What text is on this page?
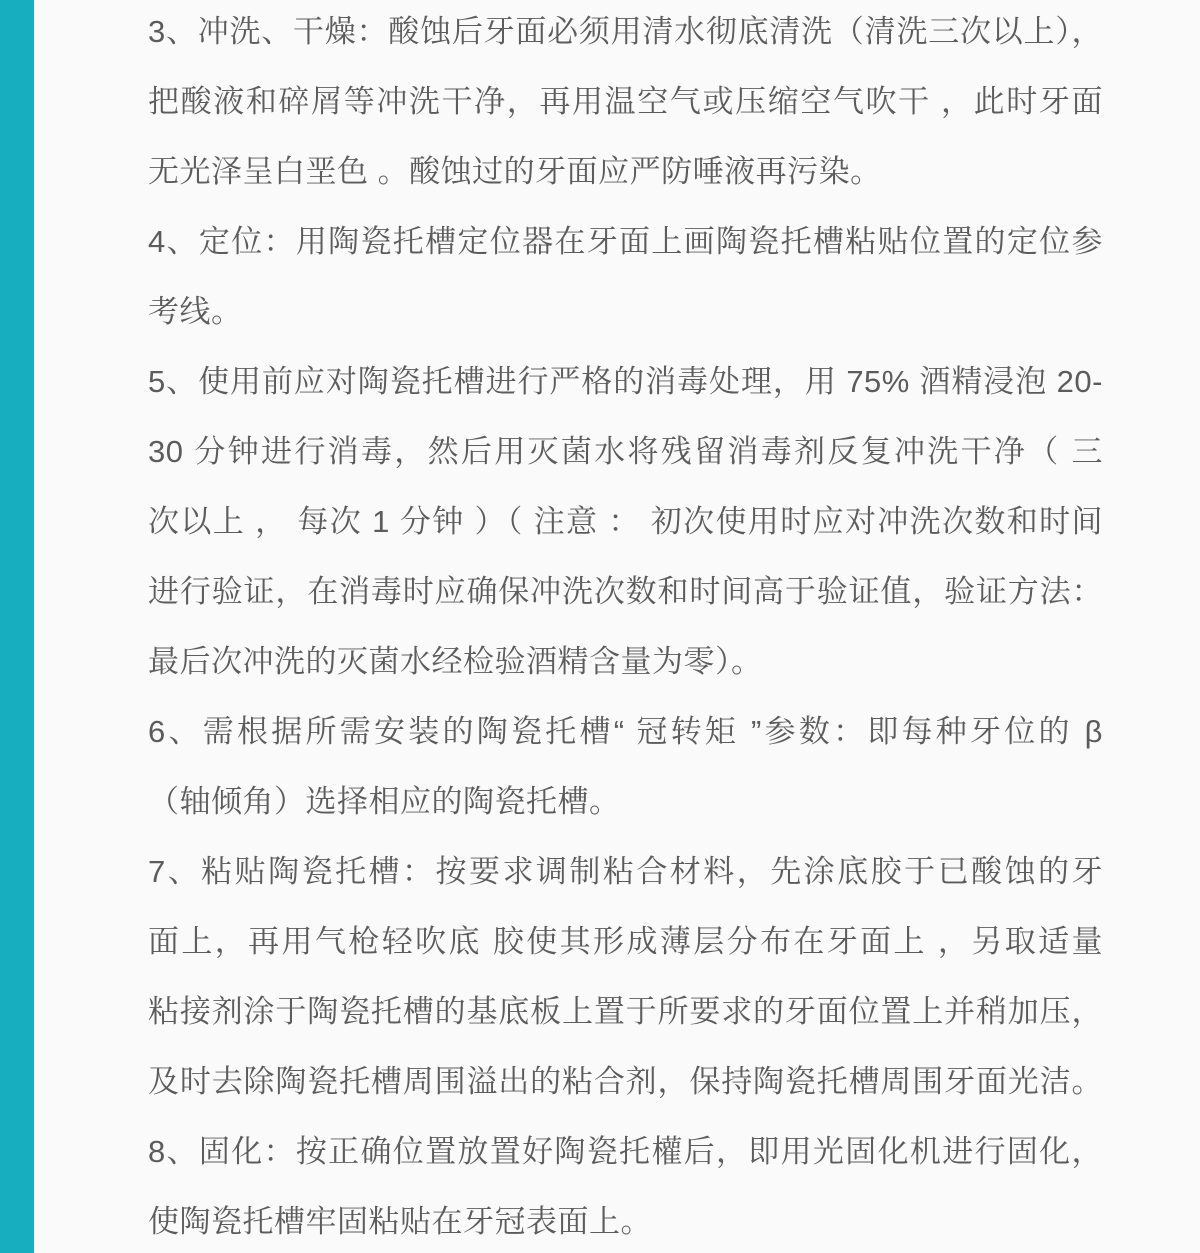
3、冲洗、干燥：酸蚀后牙面必须用清水彻底清洗（清洗三次以上），
把酸液和碎屑等冲洗干净，再用温空气或压缩空气吹干 ，此时牙面
无光泽呈白垩色 。酸蚀过的牙面应严防唾液再污染。
4、定位：用陶瓷托槽定位器在牙面上画陶瓷托槽粘贴位置的定位参
考线。
5、使用前应对陶瓷托槽进行严格的消毒处理，用 75% 酒精浸泡 20-
30 分钟进行消毒，然后用灭菌水将残留消毒剂反复冲洗干净（ 三
次以上 ， 每次 1 分钟 ）（ 注意 ： 初次使用时应对冲洗次数和时间
进行验证，在消毒时应确保冲洗次数和时间高于验证值，验证方法：
最后次冲洗的灭菌水经检验酒精含量为零）。
6、需根据所需安装的陶瓷托槽“ 冠转矩 ”参数：即每种牙位的 β
（轴倾角）选择相应的陶瓷托槽。
7、粘贴陶瓷托槽：按要求调制粘合材料，先涂底胶于已酸蚀的牙
面上，再用气枪轻吹底 胶使其形成薄层分布在牙面上 ，另取适量
粘接剂涂于陶瓷托槽的基底板上置于所要求的牙面位置上并稍加压，
及时去除陶瓷托槽周围溢出的粘合剂，保持陶瓷托槽周围牙面光洁。
8、固化：按正确位置放置好陶瓷托權后，即用光固化机进行固化，
使陶瓷托槽牢固粘贴在牙冠表面上。
